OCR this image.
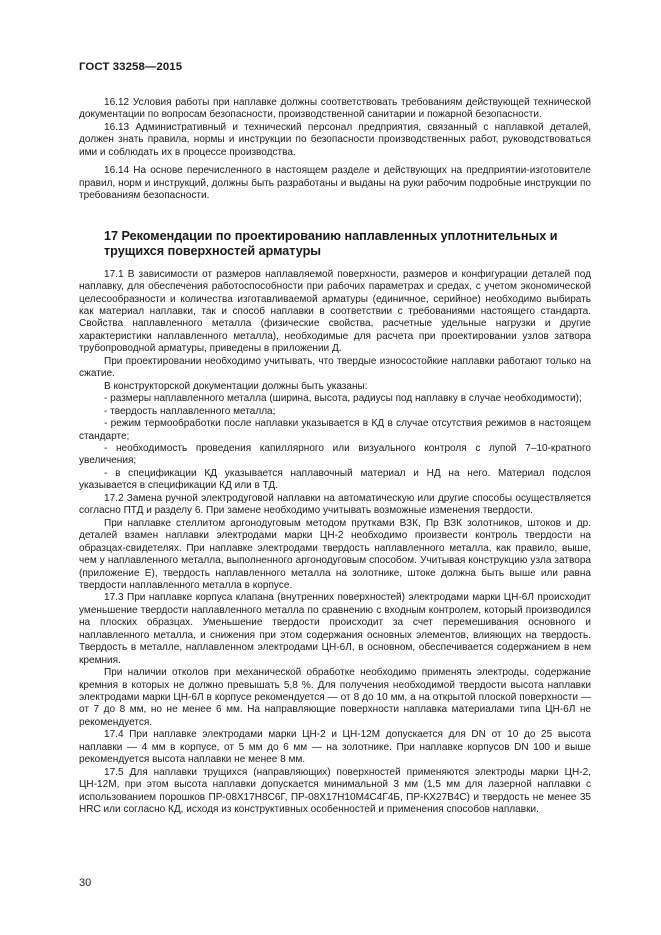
ГОСТ 33258—2015

16.12 Условия работы при наплавке должны соответствовать требованиям действующей технической документации по вопросам безопасности, производственной санитарии и пожарной безопасности.

16.13 Административный и технический персонал предприятия, связанный с наплавкой деталей, должен знать правила, нормы и инструкции по безопасности производственных работ, руководствоваться ими и соблюдать их в процессе производства.

16.14 На основе перечисленного в настоящем разделе и действующих на предприятии-изготовителе правил, норм и инструкций, должны быть разработаны и выданы на руки рабочим подробные инструкции по требованиям безопасности.

17 Рекомендации по проектированию наплавленных уплотнительных и трущихся поверхностей арматуры

17.1 В зависимости от размеров наплавляемой поверхности, размеров и конфигурации деталей под наплавку, для обеспечения работоспособности при рабочих параметрах и средах, с учетом экономической целесообразности и количества изготавливаемой арматуры (единичное, серийное) необходимо выбирать как материал наплавки, так и способ наплавки в соответствии с требованиями настоящего стандарта. Свойства наплавленного металла (физические свойства, расчетные удельные нагрузки и другие характеристики наплавленного металла), необходимые для расчета при проектировании узлов затвора трубопроводной арматуры, приведены в приложении Д.

При проектировании необходимо учитывать, что твердые износостойкие наплавки работают только на сжатие.

В конструкторской документации должны быть указаны:

- размеры наплавленного металла (ширина, высота, радиусы под наплавку в случае необходимости);

- твердость наплавленного металла;

- режим термообработки после наплавки указывается в КД в случае отсутствия режимов в настоящем стандарте;

- необходимость проведения капиллярного или визуального контроля с лупой 7–10-кратного увеличения;

- в спецификации КД указывается наплавочный материал и НД на него. Материал подслоя указывается в спецификации КД или в ТД.

17.2 Замена ручной электродуговой наплавки на автоматическую или другие способы осуществляется согласно ПТД и разделу 6. При замене необходимо учитывать возможные изменения твердости.

При наплавке стеллитом аргонодуговым методом прутками ВЗК, Пр ВЗК золотников, штоков и др. деталей взамен наплавки электродами марки ЦН-2 необходимо произвести контроль твердости на образцах-свидетелях. При наплавке электродами твердость наплавленного металла, как правило, выше, чем у наплавленного металла, выполненного аргонодуговым способом. Учитывая конструкцию узла затвора (приложение Е), твердость наплавленного металла на золотнике, штоке должна быть выше или равна твердости наплавленного металла в корпусе.

17.3 При наплавке корпуса клапана (внутренних поверхностей) электродами марки ЦН-6Л происходит уменьшение твердости наплавленного металла по сравнению с входным контролем, который производился на плоских образцах. Уменьшение твердости происходит за счет перемешивания основного и наплавленного металла, и снижения при этом содержания основных элементов, влияющих на твердость. Твердость в металле, наплавленном электродами ЦН-6Л, в основном, обеспечивается содержанием в нем кремния.

При наличии отколов при механической обработке необходимо применять электроды, содержание кремния в которых не должно превышать 5,8 %. Для получения необходимой твердости высота наплавки электродами марки ЦН-6Л в корпусе рекомендуется — от 8 до 10 мм, а на открытой плоской поверхности — от 7 до 8 мм, но не менее 6 мм. На направляющие поверхности наплавка материалами типа ЦН-6Л не рекомендуется.

17.4 При наплавке электродами марки ЦН-2 и ЦН-12М допускается для DN от 10 до 25 высота наплавки — 4 мм в корпусе, от 5 мм до 6 мм — на золотнике. При наплавке корпусов DN 100 и выше рекомендуется высота наплавки не менее 8 мм.

17.5 Для наплавки трущихся (направляющих) поверхностей применяются электроды марки ЦН-2, ЦН-12М, при этом высота наплавки допускается минимальной 3 мм (1,5 мм для лазерной наплавки с использованием порошков ПР-08Х17Н8С6Г, ПР-08Х17Н10М4С4Г4Б, ПР-КХ27В4С) и твердость не менее 35 HRC или согласно КД, исходя из конструктивных особенностей и применения способов наплавки.

30
